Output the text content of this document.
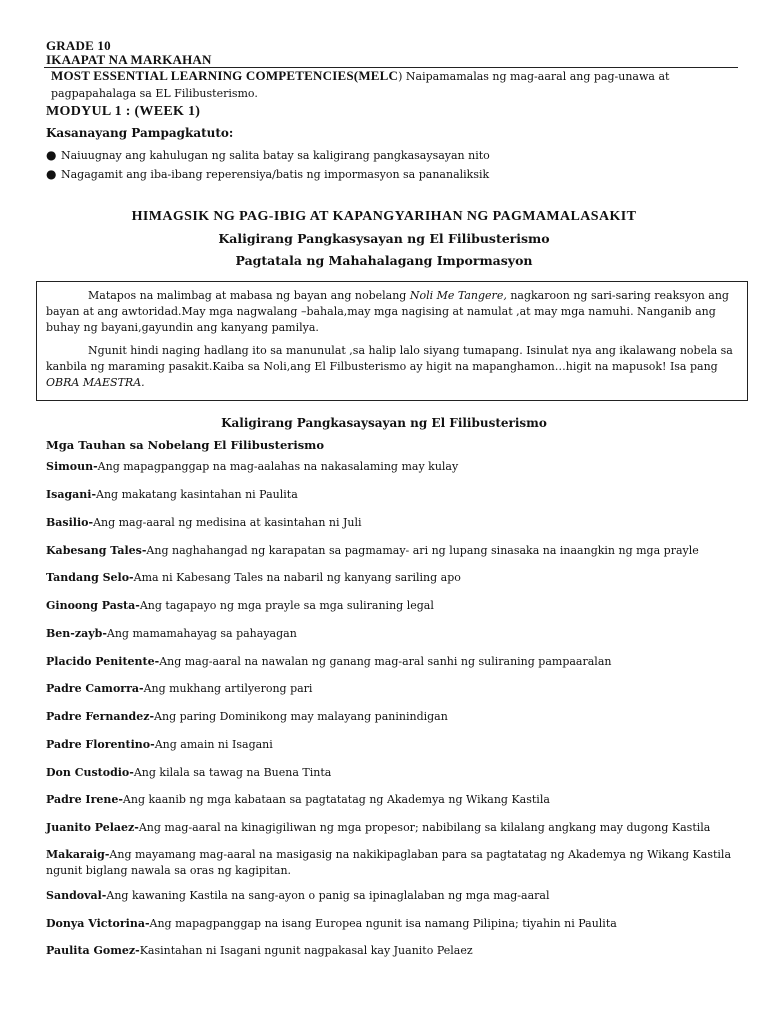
GRADE 10
IKAAPAT NA MARKAHAN
MOST ESSENTIAL LEARNING COMPETENCIES(MELC) Naipamamalas ng mag-aaral ang pag-unawa at pagpapahalaga sa EL Filibusterismo.
MODYUL 1 : (WEEK 1)
Kasanayang Pampagkatuto:
● Naiuugnay ang kahulugan ng salita batay sa kaligirang pangkasaysayan nito
● Nagagamit ang iba-ibang reperensiya/batis ng impormasyon sa pananaliksik
HIMAGSIK NG PAG-IBIG AT KAPANGYARIHAN NG PAGMAMALASAKIT
Kaligirang Pangkasysayan ng El Filibusterismo
Pagtatala ng Mahahalagang Impormasyon

Matapos na malimbag at mabasa ng bayan ang nobelang Noli Me Tangere, nagkaroon ng sari-saring reaksyon ang bayan at ang awtoridad.May mga nagwalang –bahala,may mga nagising at namulat ,at may mga namuhi. Nanganib ang buhay ng bayani,gayundin ang kanyang pamilya.

Ngunit hindi naging hadlang ito sa manunulat ,sa halip lalo siyang tumapang. Isinulat nya ang ikalawang nobela sa kanbila ng maraming pasakit.Kaiba sa Noli,ang El Filbusterismo ay higit na mapanghamon…higit na mapusok! Isa pang OBRA MAESTRA.

Kaligirang Pangkasaysayan ng El Filibusterismo
Mga Tauhan sa Nobelang El Filibusterismo
Simoun-Ang mapagpanggap na mag-aalahas na nakasalaming may kulay
Isagani-Ang makatang kasintahan ni Paulita
Basilio-Ang mag-aaral ng medisina at kasintahan ni Juli
Kabesang Tales-Ang naghahangad ng karapatan sa pagmamay- ari ng lupang sinasaka na inaangkin ng mga prayle
Tandang Selo-Ama ni Kabesang Tales na nabaril ng kanyang sariling apo
Ginoong Pasta-Ang tagapayo ng mga prayle sa mga suliraning legal
Ben-zayb-Ang mamamahayag sa pahayagan
Placido Penitente-Ang mag-aaral na nawalan ng ganang mag-aral sanhi ng suliraning pampaaralan
Padre Camorra-Ang mukhang artilyerong pari
Padre Fernandez-Ang paring Dominikong may malayang paninindigan
Padre Florentino-Ang amain ni Isagani
Don Custodio-Ang kilala sa tawag na Buena Tinta
Padre Irene-Ang kaanib ng mga kabataan sa pagtatatag ng Akademya ng Wikang Kastila
Juanito Pelaez-Ang mag-aaral na kinagigiliwan ng mga propesor; nabibilang sa kilalang angkang may dugong Kastila
Makaraig-Ang mayamang mag-aaral na masigasig na nakikipaglaban para sa pagtatatag ng Akademya ng Wikang Kastila ngunit biglang nawala sa oras ng kagipitan.
Sandoval-Ang kawaning Kastila na sang-ayon o panig sa ipinaglalaban ng mga mag-aaral
Donya Victorina-Ang mapagpanggap na isang Europea ngunit isa namang Pilipina; tiyahin ni Paulita
Paulita Gomez-Kasintahan ni Isagani ngunit nagpakasal kay Juanito Pelaez
